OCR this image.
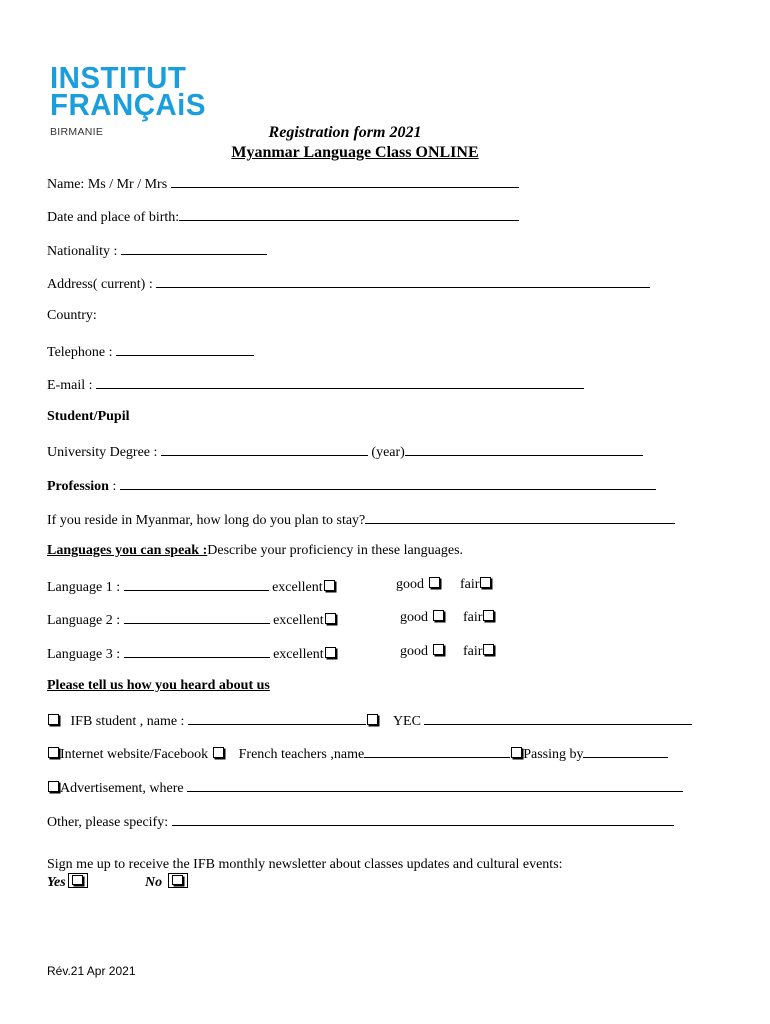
INSTITUT
FRANÇAiS
BIRMANIE	Registration form 2021
Myanmar Language Class ONLINE
Name: Ms / Mr / Mrs
Date and place of birth:
Nationality :
Address( current) :
Country:
Telephone :
E-mail :
Student/Pupil
University Degree :	(year)
Profession :
If you reside in Myanmar, how long do you plan to stay?
Languages you can speak :Describe your proficiency in these languages.
Language 1 :	excellent	good	fair
Language 2 :	excellent	good	fair
Language 3 :	excellent	good	fair
Please tell us how you heard about us
IFB student , name :	YEC
Internet website/Facebook French teachers ,name	Passing by
Advertisement, where
Other, please specify:
Sign me up to receive the IFB monthly newsletter about classes updates and cultural events:
Yes	No
Rév.21 Apr 2021
